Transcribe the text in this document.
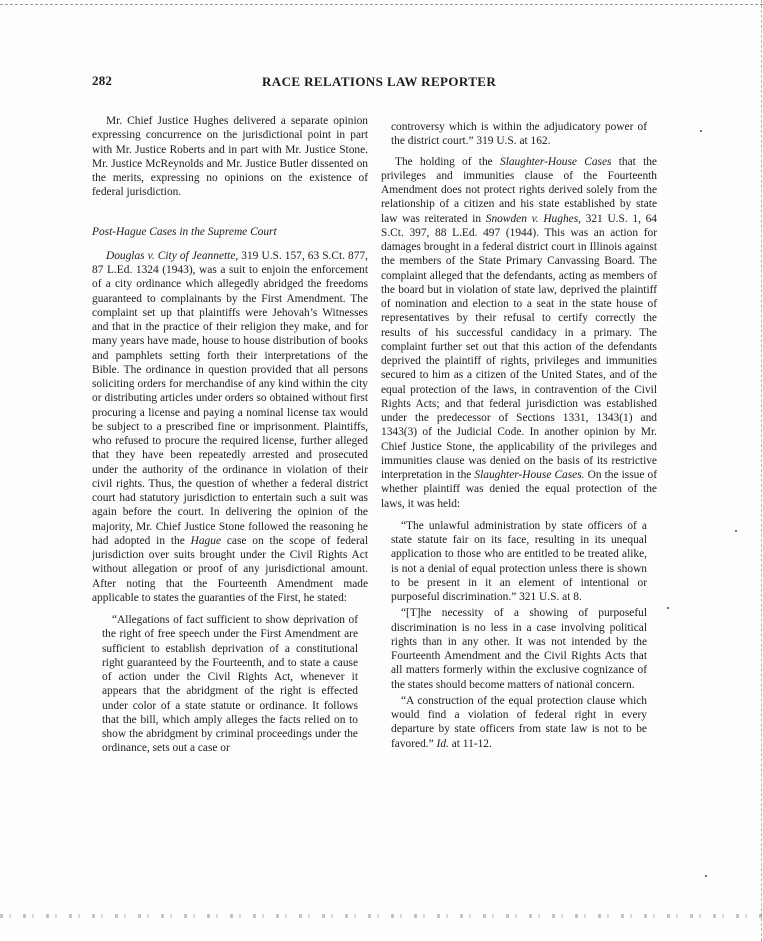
282	RACE RELATIONS LAW REPORTER

Mr. Chief Justice Hughes delivered a separate opinion expressing concurrence on the jurisdictional point in part with Mr. Justice Roberts and in part with Mr. Justice Stone. Mr. Justice McReynolds and Mr. Justice Butler dissented on the merits, expressing no opinions on the existence of federal jurisdiction.

Post-Hague Cases in the Supreme Court

Douglas v. City of Jeannette, 319 U.S. 157, 63 S.Ct. 877, 87 L.Ed. 1324 (1943), was a suit to enjoin the enforcement of a city ordinance which allegedly abridged the freedoms guaranteed to complainants by the First Amendment. The complaint set up that plaintiffs were Jehovah’s Witnesses and that in the practice of their religion they make, and for many years have made, house to house distribution of books and pamphlets setting forth their interpretations of the Bible. The ordinance in question provided that all persons soliciting orders for merchandise of any kind within the city or distributing articles under orders so obtained without first procuring a license and paying a nominal license tax would be subject to a prescribed fine or imprisonment. Plaintiffs, who refused to procure the required license, further alleged that they have been repeatedly arrested and prosecuted under the authority of the ordinance in violation of their civil rights. Thus, the question of whether a federal district court had statutory jurisdiction to entertain such a suit was again before the court. In delivering the opinion of the majority, Mr. Chief Justice Stone followed the reasoning he had adopted in the Hague case on the scope of federal jurisdiction over suits brought under the Civil Rights Act without allegation or proof of any jurisdictional amount. After noting that the Fourteenth Amendment made applicable to states the guaranties of the First, he stated:

“Allegations of fact sufficient to show deprivation of the right of free speech under the First Amendment are sufficient to establish deprivation of a constitutional right guaranteed by the Fourteenth, and to state a cause of action under the Civil Rights Act, whenever it appears that the abridgment of the right is effected under color of a state statute or ordinance. It follows that the bill, which amply alleges the facts relied on to show the abridgment by criminal proceedings under the ordinance, sets out a case or

controversy which is within the adjudicatory power of the district court.” 319 U.S. at 162.

The holding of the Slaughter-House Cases that the privileges and immunities clause of the Fourteenth Amendment does not protect rights derived solely from the relationship of a citizen and his state established by state law was reiterated in Snowden v. Hughes, 321 U.S. 1, 64 S.Ct. 397, 88 L.Ed. 497 (1944). This was an action for damages brought in a federal district court in Illinois against the members of the State Primary Canvassing Board. The complaint alleged that the defendants, acting as members of the board but in violation of state law, deprived the plaintiff of nomination and election to a seat in the state house of representatives by their refusal to certify correctly the results of his successful candidacy in a primary. The complaint further set out that this action of the defendants deprived the plaintiff of rights, privileges and immunities secured to him as a citizen of the United States, and of the equal protection of the laws, in contravention of the Civil Rights Acts; and that federal jurisdiction was established under the predecessor of Sections 1331, 1343(1) and 1343(3) of the Judicial Code. In another opinion by Mr. Chief Justice Stone, the applicability of the privileges and immunities clause was denied on the basis of its restrictive interpretation in the Slaughter-House Cases. On the issue of whether plaintiff was denied the equal protection of the laws, it was held:

“The unlawful administration by state officers of a state statute fair on its face, resulting in its unequal application to those who are entitled to be treated alike, is not a denial of equal protection unless there is shown to be present in it an element of intentional or purposeful discrimination.” 321 U.S. at 8.

“[T]he necessity of a showing of purposeful discrimination is no less in a case involving political rights than in any other. It was not intended by the Fourteenth Amendment and the Civil Rights Acts that all matters formerly within the exclusive cognizance of the states should become matters of national concern.

“A construction of the equal protection clause which would find a violation of federal right in every departure by state officers from state law is not to be favored.” Id. at 11-12.
